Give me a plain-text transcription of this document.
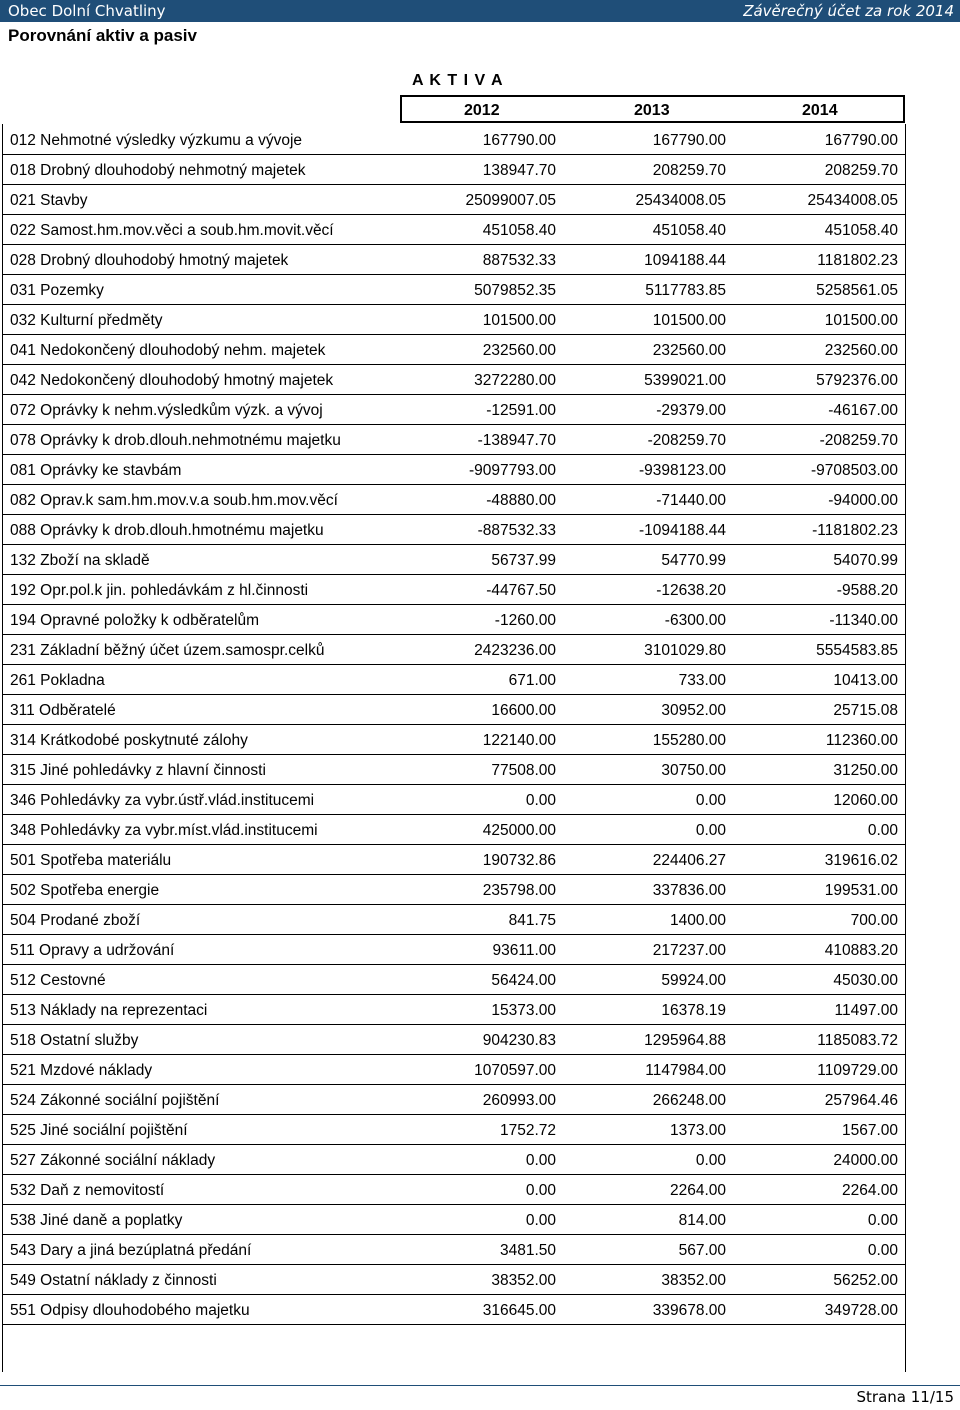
Obec Dolní Chvatliny	Závěrečný účet za rok 2014
Porovnání aktiv a pasiv
A K T I V A
2012	2013	2014
012 Nehmotné výsledky výzkumu a vývoje	167790.00	167790.00	167790.00
018 Drobný dlouhodobý nehmotný majetek	138947.70	208259.70	208259.70
021 Stavby	25099007.05	25434008.05	25434008.05
022 Samost.hm.mov.věci a soub.hm.movit.věcí	451058.40	451058.40	451058.40
028 Drobný dlouhodobý hmotný majetek	887532.33	1094188.44	1181802.23
031 Pozemky	5079852.35	5117783.85	5258561.05
032 Kulturní předměty	101500.00	101500.00	101500.00
041 Nedokončený dlouhodobý nehm. majetek	232560.00	232560.00	232560.00
042 Nedokončený dlouhodobý hmotný majetek	3272280.00	5399021.00	5792376.00
072 Oprávky k nehm.výsledkům výzk. a vývoj	-12591.00	-29379.00	-46167.00
078 Oprávky k drob.dlouh.nehmotnému majetku	-138947.70	-208259.70	-208259.70
081 Oprávky ke stavbám	-9097793.00	-9398123.00	-9708503.00
082 Oprav.k sam.hm.mov.v.a soub.hm.mov.věcí	-48880.00	-71440.00	-94000.00
088 Oprávky k drob.dlouh.hmotnému majetku	-887532.33	-1094188.44	-1181802.23
132 Zboží na skladě	56737.99	54770.99	54070.99
192 Opr.pol.k jin. pohledávkám z hl.činnosti	-44767.50	-12638.20	-9588.20
194 Opravné položky k odběratelům	-1260.00	-6300.00	-11340.00
231 Základní běžný účet územ.samospr.celků	2423236.00	3101029.80	5554583.85
261 Pokladna	671.00	733.00	10413.00
311 Odběratelé	16600.00	30952.00	25715.08
314 Krátkodobé poskytnuté zálohy	122140.00	155280.00	112360.00
315 Jiné pohledávky z hlavní činnosti	77508.00	30750.00	31250.00
346 Pohledávky za vybr.ústř.vlád.institucemi	0.00	0.00	12060.00
348 Pohledávky za vybr.míst.vlád.institucemi	425000.00	0.00	0.00
501 Spotřeba materiálu	190732.86	224406.27	319616.02
502 Spotřeba energie	235798.00	337836.00	199531.00
504 Prodané zboží	841.75	1400.00	700.00
511 Opravy a udržování	93611.00	217237.00	410883.20
512 Cestovné	56424.00	59924.00	45030.00
513 Náklady na reprezentaci	15373.00	16378.19	11497.00
518 Ostatní služby	904230.83	1295964.88	1185083.72
521 Mzdové náklady	1070597.00	1147984.00	1109729.00
524 Zákonné sociální pojištění	260993.00	266248.00	257964.46
525 Jiné sociální pojištění	1752.72	1373.00	1567.00
527 Zákonné sociální náklady	0.00	0.00	24000.00
532 Daň z nemovitostí	0.00	2264.00	2264.00
538 Jiné daně a poplatky	0.00	814.00	0.00
543 Dary a jiná bezúplatná předání	3481.50	567.00	0.00
549 Ostatní náklady z činnosti	38352.00	38352.00	56252.00
551 Odpisy dlouhodobého majetku	316645.00	339678.00	349728.00
Strana 11/15
